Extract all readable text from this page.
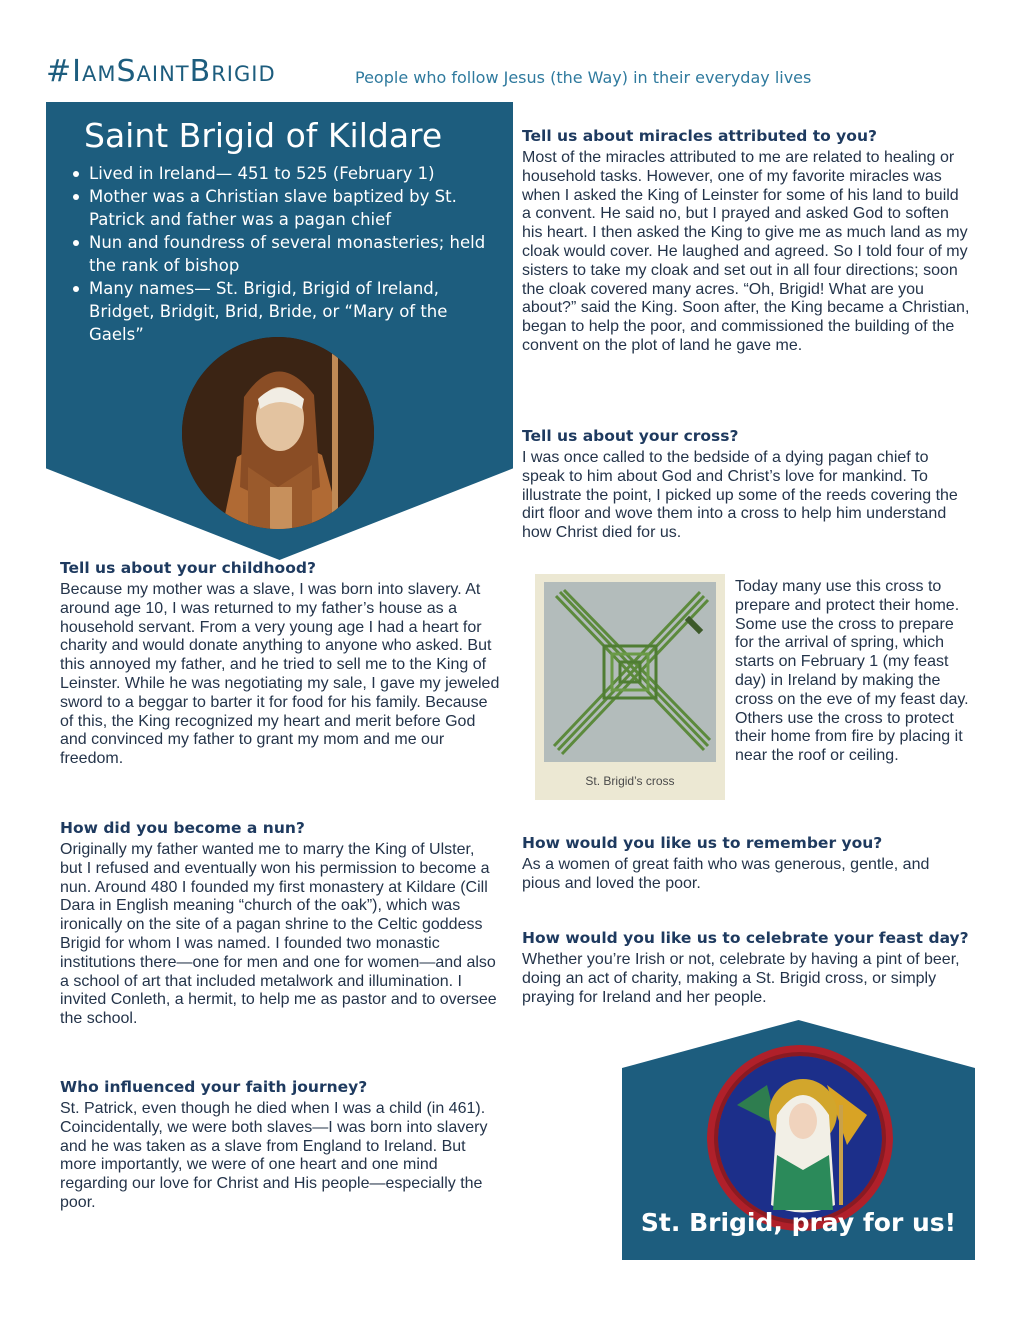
#IamSaintBrigid	People who follow Jesus (the Way) in their everyday lives
Saint Brigid of Kildare
Lived in Ireland— 451 to 525 (February 1)
Mother was a Christian slave baptized by St. Patrick and father was a pagan chief
Nun and foundress of several monasteries; held the rank of bishop
Many names— St. Brigid, Brigid of Ireland, Bridget, Bridgit, Brid, Bride, or “Mary of the Gaels”
Tell us about your childhood?

Because my mother was a slave, I was born into slavery. At around age 10, I was returned to my father’s house as a household servant. From a very young age I had a heart for charity and would donate anything to anyone who asked. But this annoyed my father, and he tried to sell me to the King of Leinster. While he was negotiating my sale, I gave my jeweled sword to a beggar to barter it for food for his family. Because of this, the King recognized my heart and merit before God and convinced my father to grant my mom and me our freedom.

How did you become a nun?

Originally my father wanted me to marry the King of Ulster, but I refused and eventually won his permission to become a nun. Around 480 I founded my first monastery at Kildare (Cill Dara in English meaning “church of the oak”), which was ironically on the site of a pagan shrine to the Celtic goddess Brigid for whom I was named. I founded two monastic institutions there—one for men and one for women—and also a school of art that included metalwork and illumination. I invited Conleth, a hermit, to help me as pastor and to oversee the school.

Who influenced your faith journey?

St. Patrick, even though he died when I was a child (in 461). Coincidentally, we were both slaves—I was born into slavery and he was taken as a slave from England to Ireland. But more importantly, we were of one heart and one mind regarding our love for Christ and His people—especially the poor.

Tell us about miracles attributed to you?

Most of the miracles attributed to me are related to healing or household tasks. However, one of my favorite miracles was when I asked the King of Leinster for some of his land to build a convent. He said no, but I prayed and asked God to soften his heart. I then asked the King to give me as much land as my cloak would cover. He laughed and agreed. So I told four of my sisters to take my cloak and set out in all four directions; soon the cloak covered many acres. “Oh, Brigid! What are you about?” said the King. Soon after, the King became a Christian, began to help the poor, and commissioned the building of the convent on the plot of land he gave me.

Tell us about your cross?

I was once called to the bedside of a dying pagan chief to speak to him about God and Christ’s love for mankind. To illustrate the point, I picked up some of the reeds covering the dirt floor and wove them into a cross to help him understand how Christ died for us.

St. Brigid’s cross
Today many use this cross to prepare and protect their home. Some use the cross to prepare for the arrival of spring, which starts on February 1 (my feast day) in Ireland by making the cross on the eve of my feast day. Others use the cross to protect their home from fire by placing it near the roof or ceiling.
How would you like us to remember you?

As a women of great faith who was generous, gentle, and pious and loved the poor.

How would you like us to celebrate your feast day?

Whether you’re Irish or not, celebrate by having a pint of beer, doing an act of charity, making a St. Brigid cross, or simply praying for Ireland and her people.

St. Brigid, pray for us!
